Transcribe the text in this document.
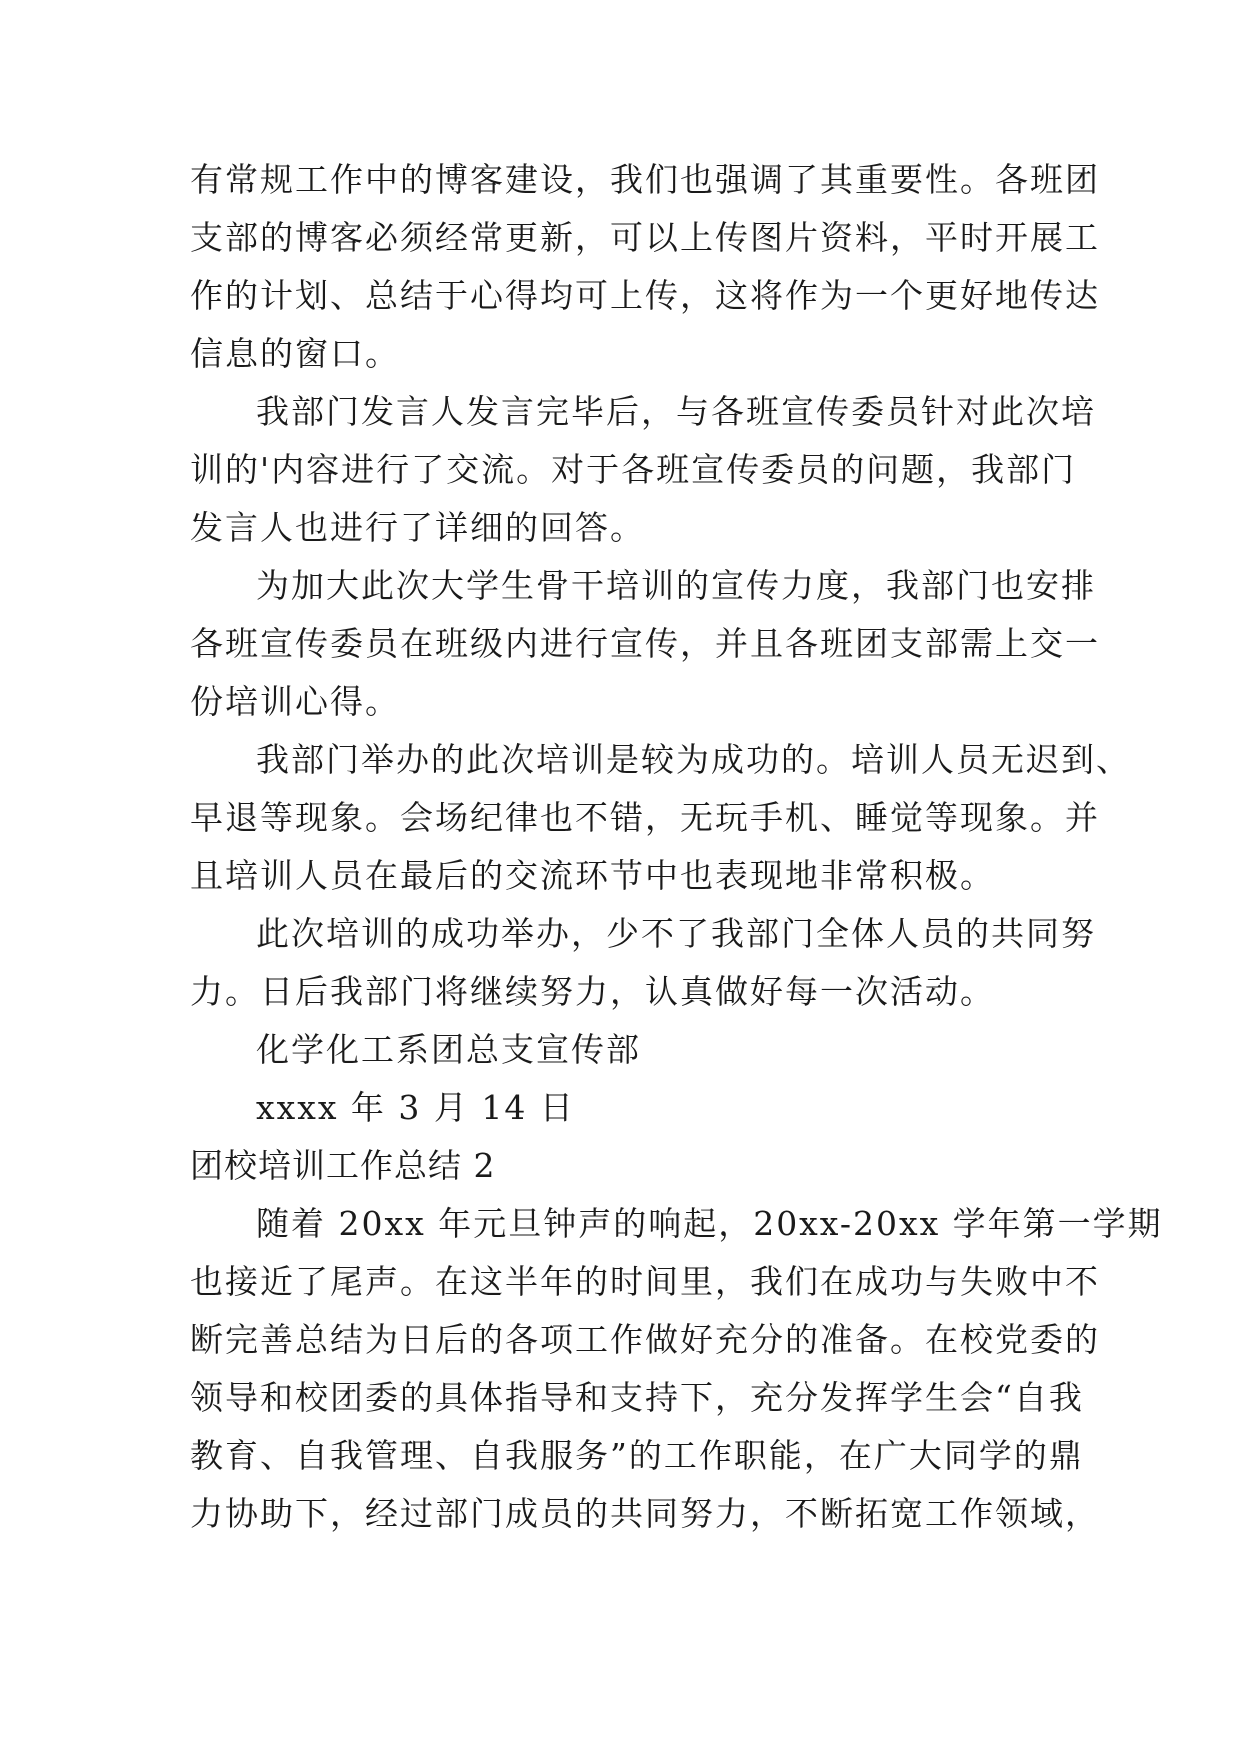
有常规工作中的博客建设，我们也强调了其重要性。各班团
支部的博客必须经常更新，可以上传图片资料，平时开展工
作的计划、总结于心得均可上传，这将作为一个更好地传达
信息的窗口。
我部门发言人发言完毕后，与各班宣传委员针对此次培
训的'内容进行了交流。对于各班宣传委员的问题，我部门
发言人也进行了详细的回答。
为加大此次大学生骨干培训的宣传力度，我部门也安排
各班宣传委员在班级内进行宣传，并且各班团支部需上交一
份培训心得。
我部门举办的此次培训是较为成功的。培训人员无迟到、
早退等现象。会场纪律也不错，无玩手机、睡觉等现象。并
且培训人员在最后的交流环节中也表现地非常积极。
此次培训的成功举办，少不了我部门全体人员的共同努
力。日后我部门将继续努力，认真做好每一次活动。
化学化工系团总支宣传部
xxxx 年 3 月 14 日
团校培训工作总结 2
随着 20xx 年元旦钟声的响起，20xx-20xx 学年第一学期
也接近了尾声。在这半年的时间里，我们在成功与失败中不
断完善总结为日后的各项工作做好充分的准备。在校党委的
领导和校团委的具体指导和支持下，充分发挥学生会“自我
教育、自我管理、自我服务”的工作职能，在广大同学的鼎
力协助下，经过部门成员的共同努力，不断拓宽工作领域，
